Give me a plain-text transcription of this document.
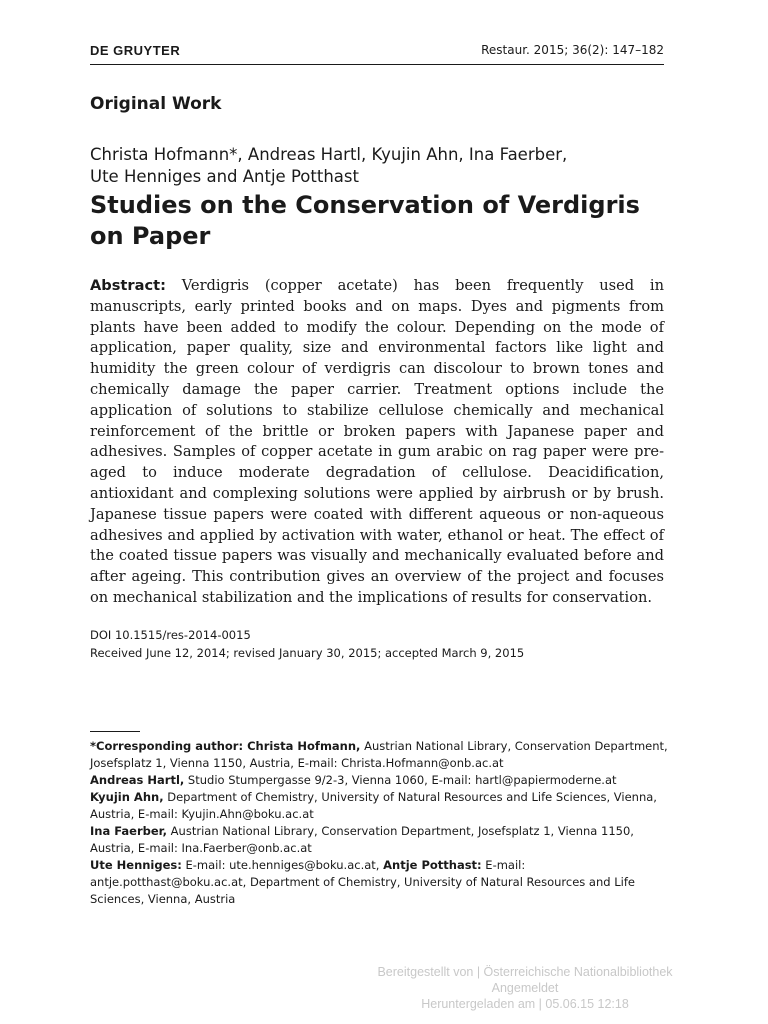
DE GRUYTER	Restaur. 2015; 36(2): 147–182
Original Work
Christa Hofmann*, Andreas Hartl, Kyujin Ahn, Ina Faerber,
Ute Henniges and Antje Potthast
Studies on the Conservation of Verdigris on Paper

Abstract: Verdigris (copper acetate) has been frequently used in manuscripts, early printed books and on maps. Dyes and pigments from plants have been added to modify the colour. Depending on the mode of application, paper quality, size and environmental factors like light and humidity the green colour of verdigris can discolour to brown tones and chemically damage the paper carrier. Treatment options include the application of solutions to stabilize cellulose chemically and mechanical reinforcement of the brittle or broken papers with Japanese paper and adhesives. Samples of copper acetate in gum arabic on rag paper were pre-aged to induce moderate degradation of cellulose. Deacidification, antioxidant and complexing solutions were applied by airbrush or by brush. Japanese tissue papers were coated with different aqueous or non-aqueous adhesives and applied by activation with water, ethanol or heat. The effect of the coated tissue papers was visually and mechanically evaluated before and after ageing. This contribution gives an overview of the project and focuses on mechanical stabilization and the implications of results for conservation.

DOI 10.1515/res-2014-0015
Received June 12, 2014; revised January 30, 2015; accepted March 9, 2015

*Corresponding author: Christa Hofmann, Austrian National Library, Conservation Department, Josefsplatz 1, Vienna 1150, Austria, E-mail: Christa.Hofmann@onb.ac.at

Andreas Hartl, Studio Stumpergasse 9/2-3, Vienna 1060, E-mail: hartl@papiermoderne.at

Kyujin Ahn, Department of Chemistry, University of Natural Resources and Life Sciences, Vienna, Austria, E-mail: Kyujin.Ahn@boku.ac.at

Ina Faerber, Austrian National Library, Conservation Department, Josefsplatz 1, Vienna 1150, Austria, E-mail: Ina.Faerber@onb.ac.at

Ute Henniges: E-mail: ute.henniges@boku.ac.at, Antje Potthast: E-mail: antje.potthast@boku.ac.at, Department of Chemistry, University of Natural Resources and Life Sciences, Vienna, Austria

Bereitgestellt von | Österreichische Nationalbibliothek
Angemeldet
Heruntergeladen am | 05.06.15 12:18
